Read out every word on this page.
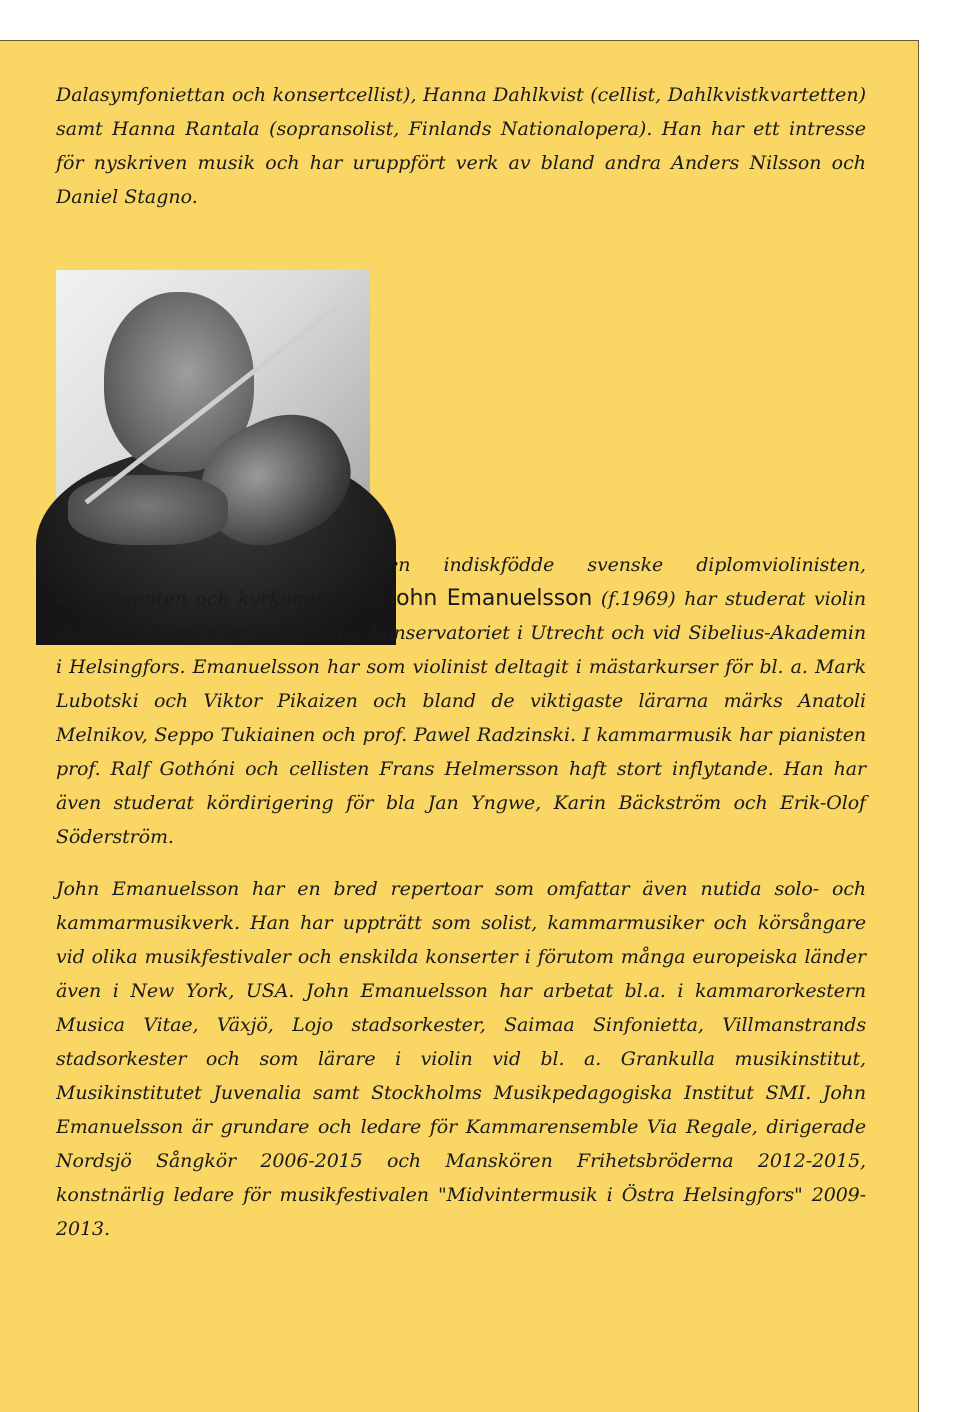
Dalasymfoniettan och konsertcellist), Hanna Dahlkvist (cellist, Dahlkvistkvartetten) samt Hanna Rantala (sopransolist, Finlands Nationalopera). Han har ett intresse för nyskriven musik och har uruppfört verk av bland andra Anders Nilsson och Daniel Stagno.

Den indiskfödde svenske diplomviolinisten, kördirigenten och kyrkomusikern John Emanuelsson (f.1969) har studerat violin vid Musikhögskolan i Göteborg, konservatoriet i Utrecht och vid Sibelius-Akademin i Helsingfors. Emanuelsson har som violinist deltagit i mästarkurser för bl. a. Mark Lubotski och Viktor Pikaizen och bland de viktigaste lärarna märks Anatoli Melnikov, Seppo Tukiainen och prof. Pawel Radzinski. I kammarmusik har pianisten prof. Ralf Gothóni och cellisten Frans Helmersson haft stort inflytande. Han har även studerat kördirigering för bla Jan Yngwe, Karin Bäckström och Erik-Olof Söderström.

John Emanuelsson har en bred repertoar som omfattar även nutida solo- och kammarmusikverk. Han har uppträtt som solist, kammarmusiker och körsångare vid olika musikfestivaler och enskilda konserter i förutom många europeiska länder även i New York, USA. John Emanuelsson har arbetat bl.a. i kammarorkestern Musica Vitae, Växjö, Lojo stadsorkester, Saimaa Sinfonietta, Villmanstrands stadsorkester och som lärare i violin vid bl. a. Grankulla musikinstitut, Musikinstitutet Juvenalia samt Stockholms Musikpedagogiska Institut SMI. John Emanuelsson är grundare och ledare för Kammarensemble Via Regale, dirigerade Nordsjö Sångkör 2006-2015 och Manskören Frihetsbröderna 2012-2015, konstnärlig ledare för musikfestivalen "Midvintermusik i Östra Helsingfors" 2009-2013.
